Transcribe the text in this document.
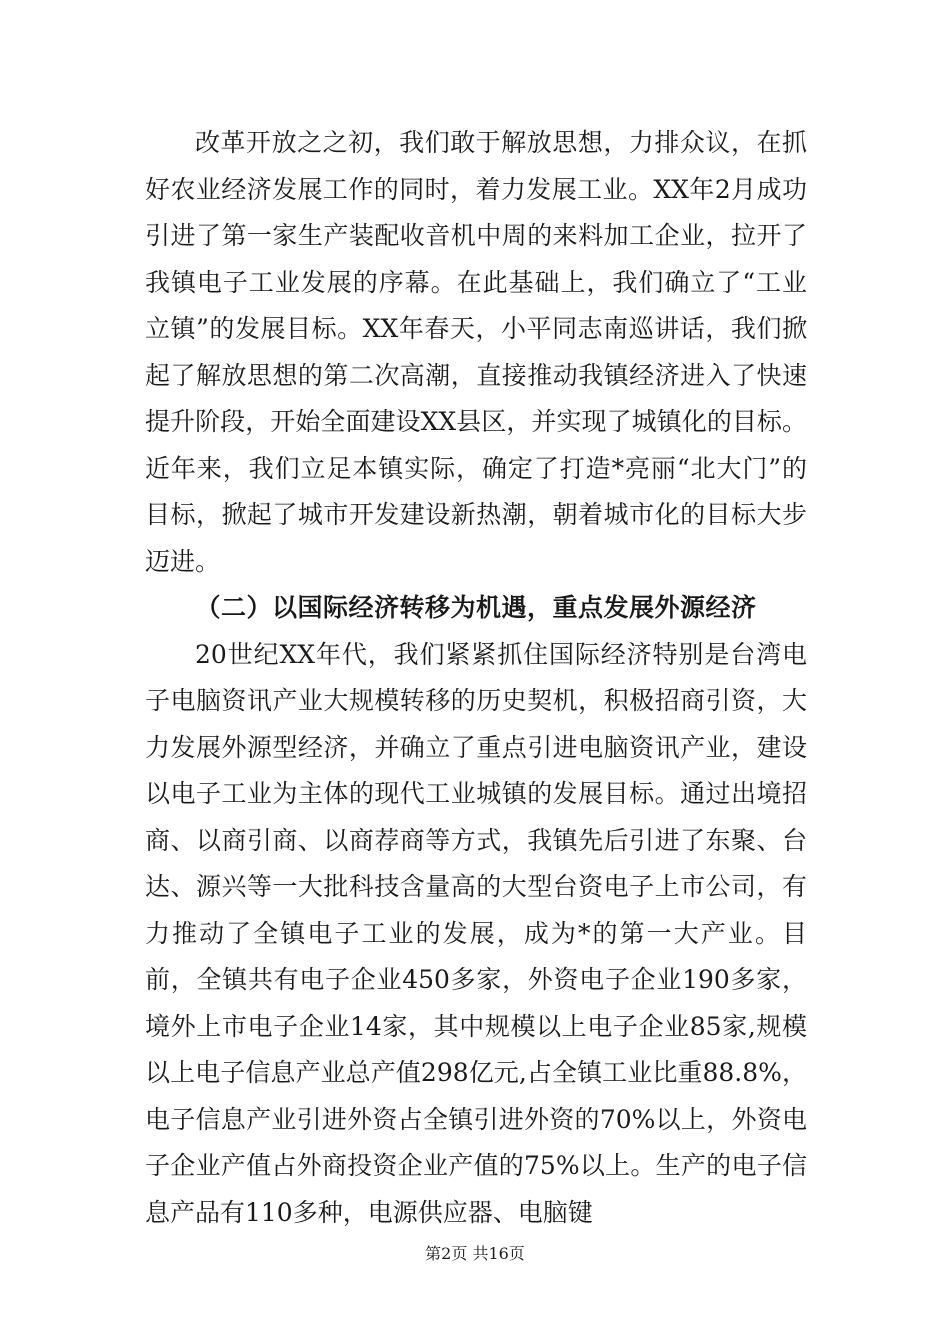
改革开放之之初，我们敢于解放思想，力排众议，在抓好农业经济发展工作的同时，着力发展工业。XX年2月成功引进了第一家生产装配收音机中周的来料加工企业，拉开了我镇电子工业发展的序幕。在此基础上，我们确立了“工业立镇”的发展目标。XX年春天，小平同志南巡讲话，我们掀起了解放思想的第二次高潮，直接推动我镇经济进入了快速提升阶段，开始全面建设XX县区，并实现了城镇化的目标。近年来，我们立足本镇实际，确定了打造*亮丽“北大门”的目标，掀起了城市开发建设新热潮，朝着城市化的目标大步迈进。

（二）以国际经济转移为机遇，重点发展外源经济

20世纪XX年代，我们紧紧抓住国际经济特别是台湾电子电脑资讯产业大规模转移的历史契机，积极招商引资，大力发展外源型经济，并确立了重点引进电脑资讯产业，建设以电子工业为主体的现代工业城镇的发展目标。通过出境招商、以商引商、以商荐商等方式，我镇先后引进了东聚、台达、源兴等一大批科技含量高的大型台资电子上市公司，有力推动了全镇电子工业的发展，成为*的第一大产业。目前，全镇共有电子企业450多家，外资电子企业190多家，境外上市电子企业14家，其中规模以上电子企业85家,规模以上电子信息产业总产值298亿元,占全镇工业比重88.8%，电子信息产业引进外资占全镇引进外资的70%以上，外资电子企业产值占外商投资企业产值的75%以上。生产的电子信息产品有110多种，电源供应器、电脑键

第2页 共16页
